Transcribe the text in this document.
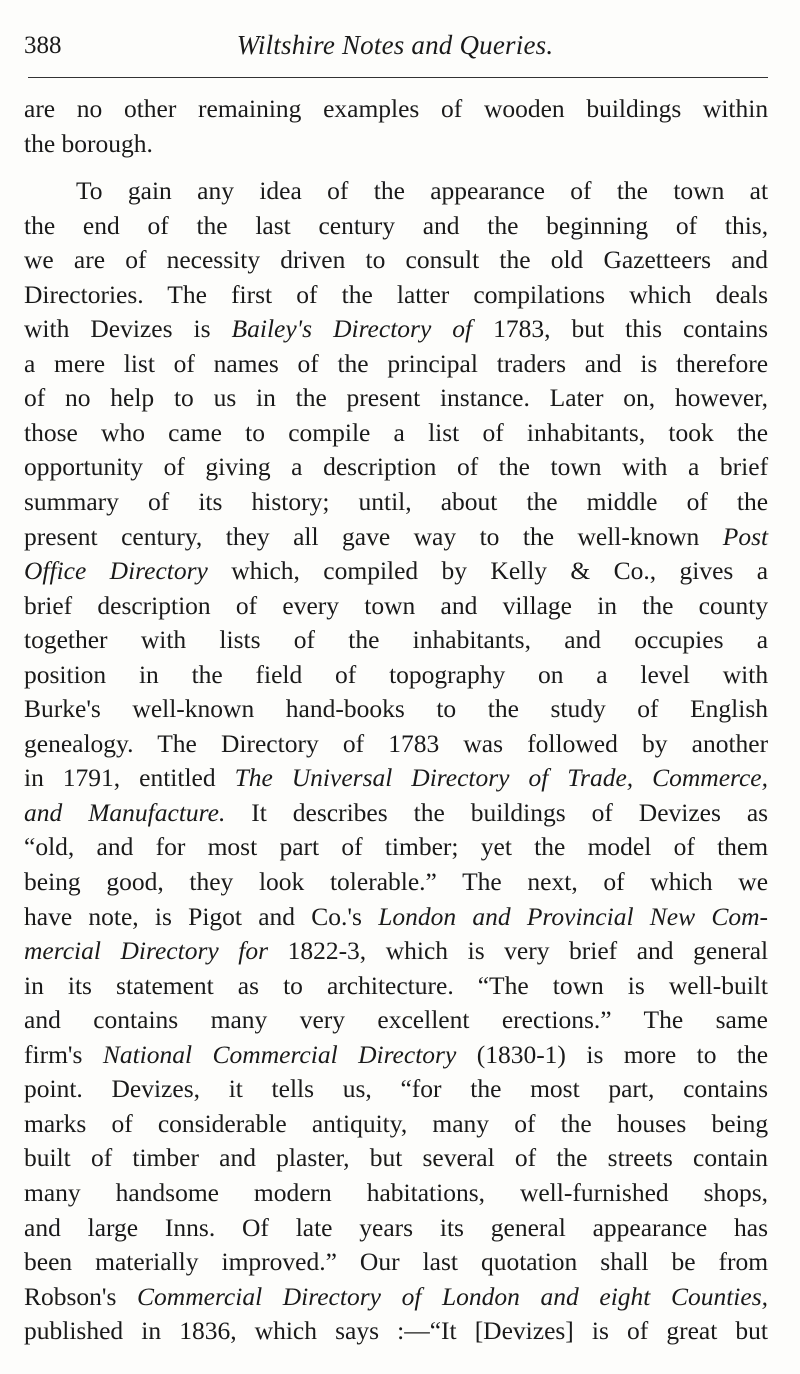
388	Wiltshire Notes and Queries.
are no other remaining examples of wooden buildings within
the borough.
To gain any idea of the appearance of the town at
the end of the last century and the beginning of this,
we are of necessity driven to consult the old Gazetteers and
Directories. The first of the latter compilations which deals
with Devizes is Bailey's Directory of 1783, but this contains
a mere list of names of the principal traders and is therefore
of no help to us in the present instance. Later on, however,
those who came to compile a list of inhabitants, took the
opportunity of giving a description of the town with a brief
summary of its history; until, about the middle of the
present century, they all gave way to the well-known Post
Office Directory which, compiled by Kelly & Co., gives a
brief description of every town and village in the county
together with lists of the inhabitants, and occupies a
position in the field of topography on a level with
Burke's well-known hand-books to the study of English
genealogy. The Directory of 1783 was followed by another
in 1791, entitled The Universal Directory of Trade, Commerce,
and Manufacture. It describes the buildings of Devizes as
“old, and for most part of timber; yet the model of them
being good, they look tolerable.” The next, of which we
have note, is Pigot and Co.'s London and Provincial New Com-
mercial Directory for 1822-3, which is very brief and general
in its statement as to architecture. “The town is well-built
and contains many very excellent erections.” The same
firm's National Commercial Directory (1830-1) is more to the
point. Devizes, it tells us, “for the most part, contains
marks of considerable antiquity, many of the houses being
built of timber and plaster, but several of the streets contain
many handsome modern habitations, well-furnished shops,
and large Inns. Of late years its general appearance has
been materially improved.” Our last quotation shall be from
Robson's Commercial Directory of London and eight Counties,
published in 1836, which says :—“It [Devizes] is of great but
